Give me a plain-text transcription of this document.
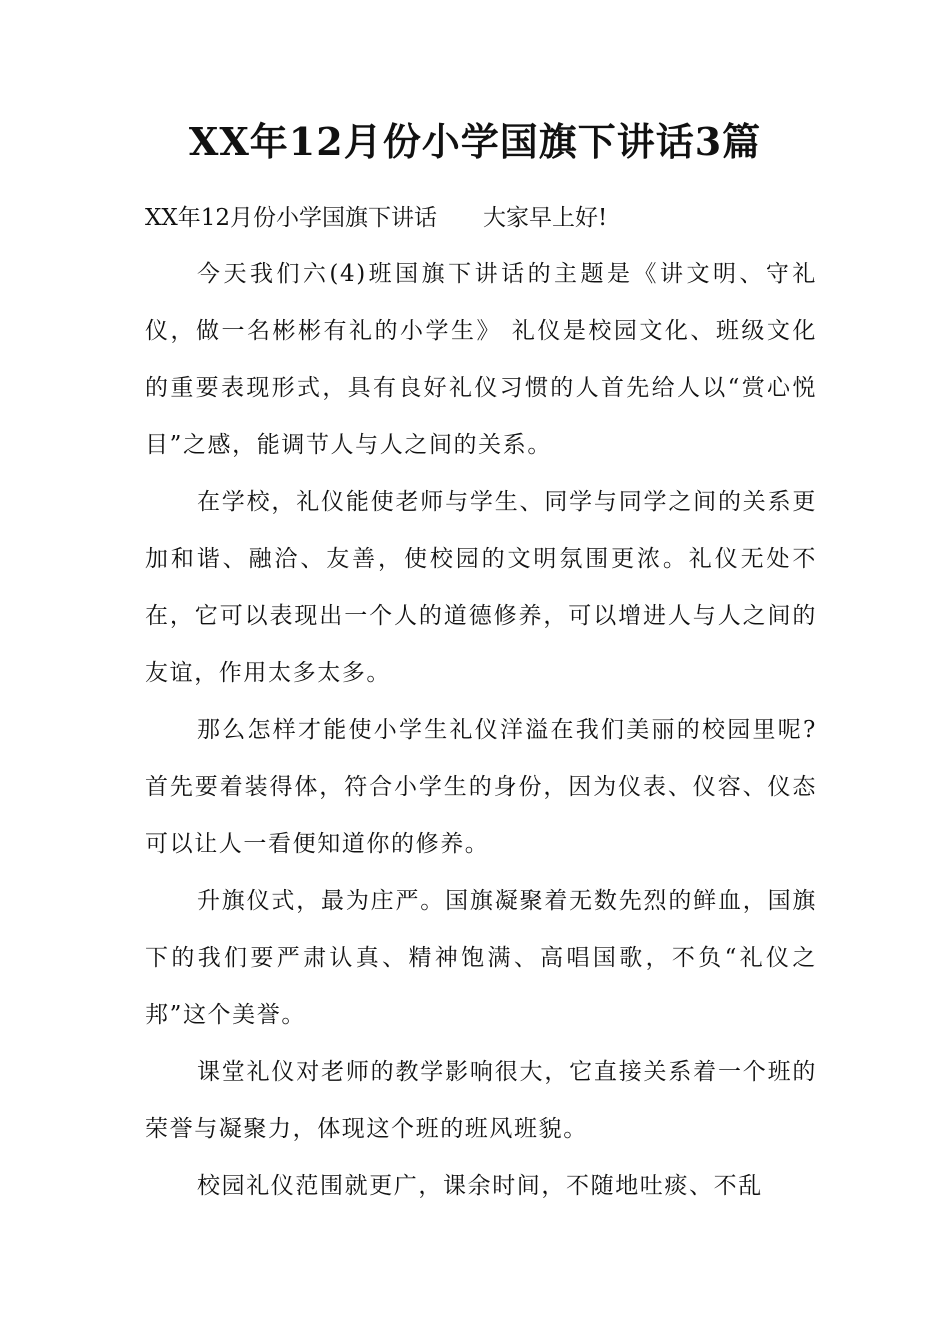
XX年12月份小学国旗下讲话3篇

XX年12月份小学国旗下讲话 大家早上好!

今天我们六(4)班国旗下讲话的主题是《讲文明、守礼仪，做一名彬彬有礼的小学生》 礼仪是校园文化、班级文化的重要表现形式，具有良好礼仪习惯的人首先给人以“赏心悦目”之感，能调节人与人之间的关系。

在学校，礼仪能使老师与学生、同学与同学之间的关系更加和谐、融洽、友善，使校园的文明氛围更浓。礼仪无处不在，它可以表现出一个人的道德修养，可以增进人与人之间的友谊，作用太多太多。

那么怎样才能使小学生礼仪洋溢在我们美丽的校园里呢?首先要着装得体，符合小学生的身份，因为仪表、仪容、仪态可以让人一看便知道你的修养。

升旗仪式，最为庄严。国旗凝聚着无数先烈的鲜血，国旗下的我们要严肃认真、精神饱满、高唱国歌，不负“礼仪之邦”这个美誉。

课堂礼仪对老师的教学影响很大，它直接关系着一个班的荣誉与凝聚力，体现这个班的班风班貌。

校园礼仪范围就更广，课余时间，不随地吐痰、不乱
